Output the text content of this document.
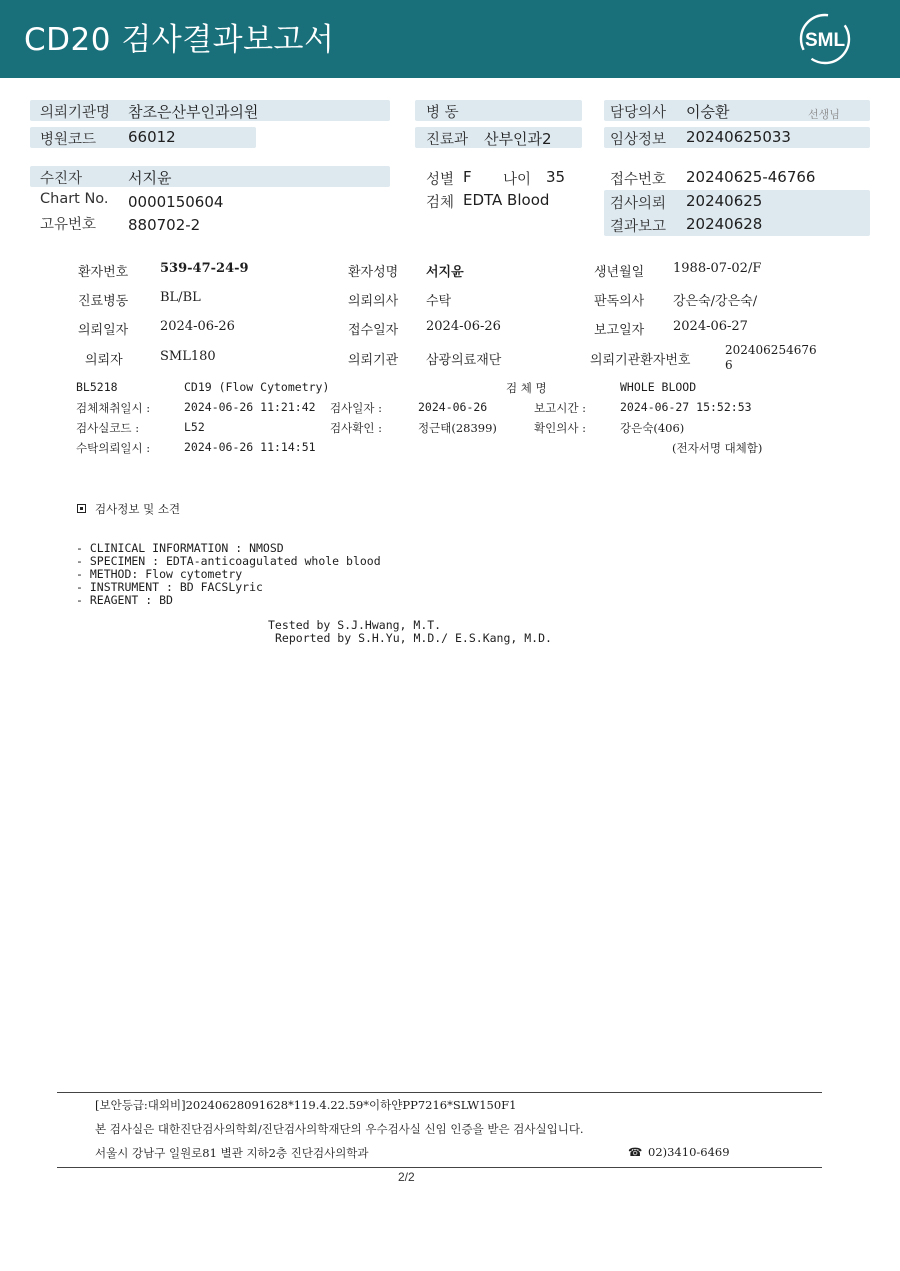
CD20 검사결과보고서	SML
의뢰기관명 참조은산부인과의원
병원코드 66012
병 동
진료과 산부인과2
담당의사 이숭환	선생님
임상정보 20240625033
수진자	서지윤
Chart No. 0000150604
고유번호 880702-2
성별 F 나이 35
검체 EDTA Blood
접수번호 20240625-46766
검사의뢰 20240625
결과보고 20240628
환자번호 539-47-24-9	환자성명 서지윤	생년월일 1988-07-02/F
진료병동 BL/BL	의뢰의사 수탁	판독의사 강은숙/강은숙/
의뢰일자 2024-06-26	접수일자 2024-06-26	보고일자 2024-06-27
의뢰자	SML180	의뢰기관 삼광의료재단	의뢰기관환자번호
202406254676
6
BL5218	CD19 (Flow Cytometry)	검 체 명	WHOLE BLOOD
검체채취일시 :	2024-06-26 11:21:42 검사일자 :	2024-06-26	보고시간 :	2024-06-27 15:52:53
검사실코드 :	L52	검사확인 :	정근태(28399)	확인의사 :	강은숙(406)
수탁의뢰일시 :	2024-06-26 11:14:51	(전자서명 대체함)
검사정보 및 소견
- CLINICAL INFORMATION : NMOSD
- SPECIMEN : EDTA-anticoagulated whole blood
- METHOD: Flow cytometry
- INSTRUMENT : BD FACSLyric
- REAGENT : BD
Tested by S.J.Hwang, M.T.
Reported by S.H.Yu, M.D./ E.S.Kang, M.D.
[보안등급:대외비]20240628091628*119.4.22.59*이하얀PP7216*SLW150F1
본 검사실은 대한진단검사의학회/진단검사의학재단의 우수검사실 신임 인증을 받은 검사실입니다.
서울시 강남구 일원로81 별관 지하2층 진단검사의학과	☎ 02)3410-6469
2/2
